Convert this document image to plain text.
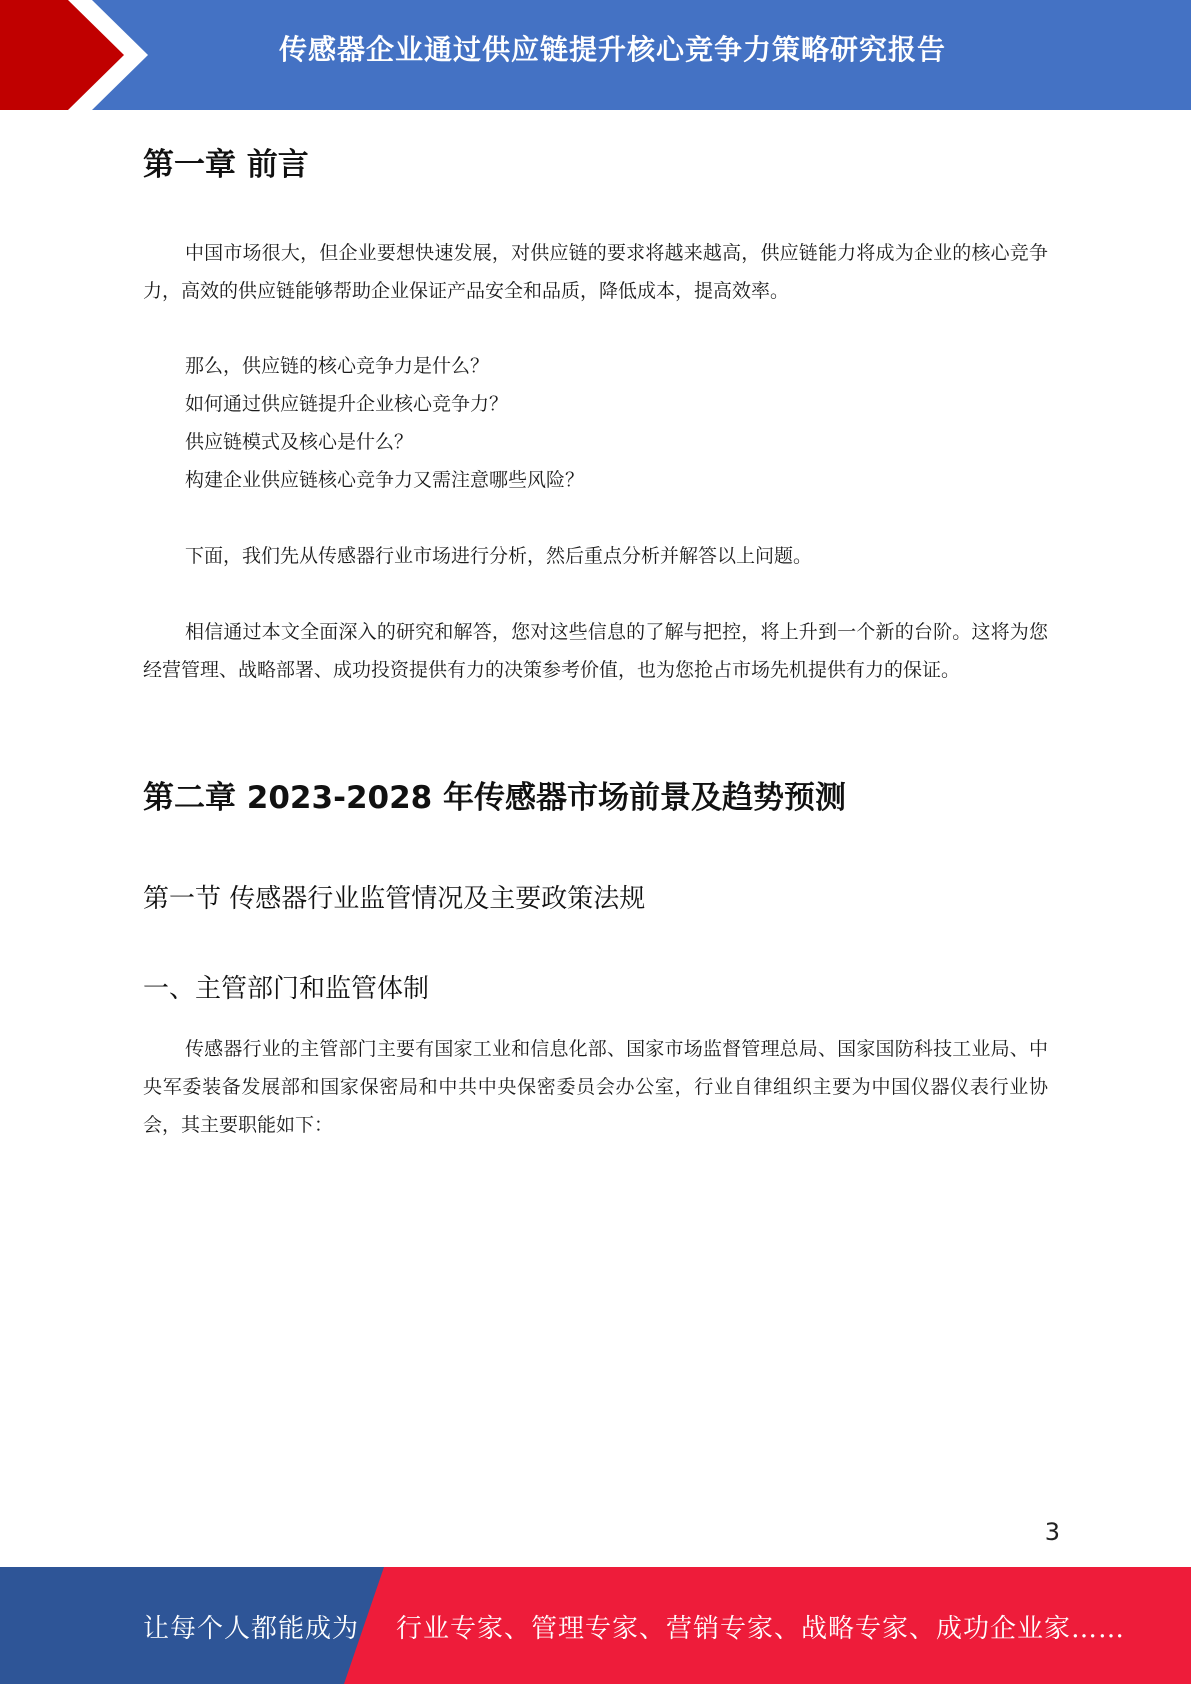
传感器企业通过供应链提升核心竞争力策略研究报告
第一章 前言

中国市场很大，但企业要想快速发展，对供应链的要求将越来越高，供应链能力将成为企业的核心竞争力，高效的供应链能够帮助企业保证产品安全和品质，降低成本，提高效率。

那么，供应链的核心竞争力是什么？

如何通过供应链提升企业核心竞争力？

供应链模式及核心是什么？

构建企业供应链核心竞争力又需注意哪些风险？

下面，我们先从传感器行业市场进行分析，然后重点分析并解答以上问题。

相信通过本文全面深入的研究和解答，您对这些信息的了解与把控，将上升到一个新的台阶。这将为您经营管理、战略部署、成功投资提供有力的决策参考价值，也为您抢占市场先机提供有力的保证。

第二章 2023-2028 年传感器市场前景及趋势预测
第一节 传感器行业监管情况及主要政策法规
一、主管部门和监管体制

传感器行业的主管部门主要有国家工业和信息化部、国家市场监督管理总局、国家国防科技工业局、中央军委装备发展部和国家保密局和中共中央保密委员会办公室，行业自律组织主要为中国仪器仪表行业协会，其主要职能如下：

3
让每个人都能成为 行业专家、管理专家、营销专家、战略专家、成功企业家……
